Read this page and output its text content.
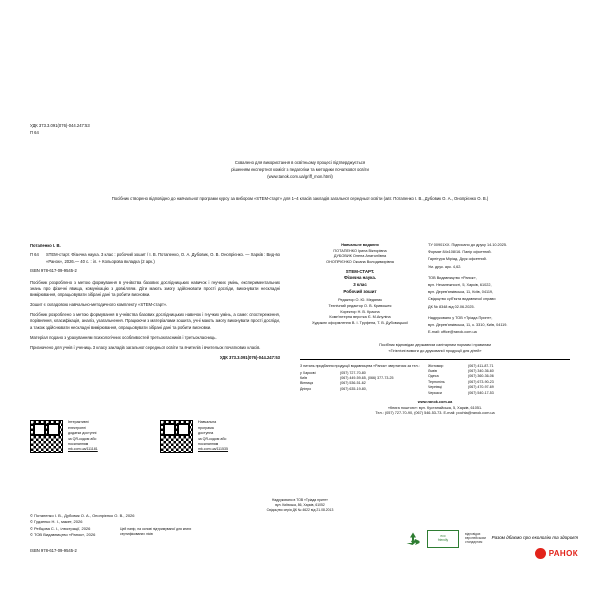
УДК 373.3.091(076)-044.247:53
П 64
Схвалено для використання в освітньому процесі підтверджується
рішенням експертної комісії з педагогіки та методики початкової освіти
(www.tanok.com.ua/griff_mon.html)
Посібник створено відповідно до навчальної програми курсу за вибором «STEM-старт» для 1–4 класів закладів загальної середньої освіти (авт. Потапенко І. В., Дубовик О. А., Онопрієнко О. В.)
Потапенко І. В.
П 64	STEM-старт. Фізична наука. 3 клас : робочий зошит / І. В. Потапенко, О. А. Дубовик, О. В. Онопрієнко. — Харків : Вид-во «Ранок», 2026.— 40 с. : іл. + Кольорова вкладка (2 арк.)
ISBN 978-617-09-9545-2

Посібник розроблено з метою формування в учнівства базових дослідницьких навичок і гнучких умінь, експериментальних знань про фізичні явища, комунікацію з довкіллям. Діти мають змогу здійснювати прості досліди, виконувати нескладні вимірювання, опрацьовувати зібрані дані та робити висновки.

Зошит є складовою навчально-методичного комплекту «STEM-старт».

Посібник розроблено з метою формування в учнівства базових дослідницьких навичок і гнучких умінь, а саме: спостереження, порівняння, класифікація, аналіз, узагальнення. Працюючи з матеріалами зошита, учні мають змогу виконувати прості досліди, а також здійснювати нескладні вимірювання, опрацьовувати зібрані дані та робити висновки.

Матеріал подано з урахуванням психологічних особливостей третьокласників і третьокласниць.

Призначено для учнів і учениць 3 класу закладів загальної середньої освіти та вчителів і вчительок початкових класів.

УДК 373.3.091(076)-044.247:53
Інтерактивні
електронні
додатки доступні
за QR-кодом або
посиланням
mk.com.ua/111181
Навчальна
програма
доступна
за QR-кодом або
посиланням
mk.com.ua/111535
© Потапенко І. В., Дубовик О. А., Онопрієнко О. В., 2026
© Гудзенко Н. І., макет, 2026
© Ребцова С. І., ілюстрації, 2026
© ТОВ Видавництво «Ранок», 2026
ISBN 978-617-09-9545-2
Навчальне видання
ПОТАПЕНКО Ірина Вікторівна
ДУБОВИК Олена Анатоліївна
ОНОПРІЄНКО Оксана Володимирівна
STEM-СТАРТ.
Фізична наука.
3 клас
Робочий зошит
Редактор О. Ю. Медяник
Технічний редактор О. В. Кривошея
Коректор Н. В. Красна
Комп'ютерна верстка Є. М.Ануліна
Художнє оформлення В. І. Труфена, Т. В. Дубовицької
ТУ 00901XX. Підписано до друку 14.10.2025.
Формат 84х108/16. Папір офсетний.
Гарнітура Міріад. Друк офсетний.
Ум. друк. арк. 4,62.
ТОВ Видавництво «Ранок»,
вул. Незалежності, 5, Харків, 61022,
вул. Дерев'янківська, 11, Київ, 04119,
Свідоцтво суб'єкта видавничої справи
ДК № 8348 від 02.06.2025.
Надруковано у ТОВ «Тріада Принт»,
вул. Дерев'янківська, 11, к. 3310, Київ, 04119.
E-mail: office@ranok.com.ua
Посібник відповідає державним санітарним нормам і правилам
«Гігієнічні вимоги до друкованої продукції для дітей»
З питань придбання продукції видавництва «Ранок» звертатися за тел.:
у Харкові	(057) 727-70-80
Київ	(067) 449-59-65, (066) 377-73-25
Вінниця	(067) 536-51-62
Дніпро	(067) 635-19-80,
Житомир	(067) 411-87-71
Львів	(067) 340-36-60
Одеса	(067) 360-36-06
Тернопіль	(067) 673-90-23
Чернівці	(067) 470-97-69
Черкаси	(067) 540-17-53
www.ranok.com.ua
«Книга поштою»: вул. Кустанайська, 5, Харків, 61051.
Тел.: (057) 727-70-90, (067) 546-53-73. E-mail: pochta@ranok.com.ua
Надруковано в ТОВ «Тріада принт»
вул. Київська, 86, Харків, 61052
Свідоцтво серія ДК № 4622 від 21.08.2013
Цей папір, на основі підтримуваної для книги
сертифікованих лісів
eco
friendly
відповідає
європейським
стандартам
Разом дбаємо про екологію та здоров'я
РАНОК
